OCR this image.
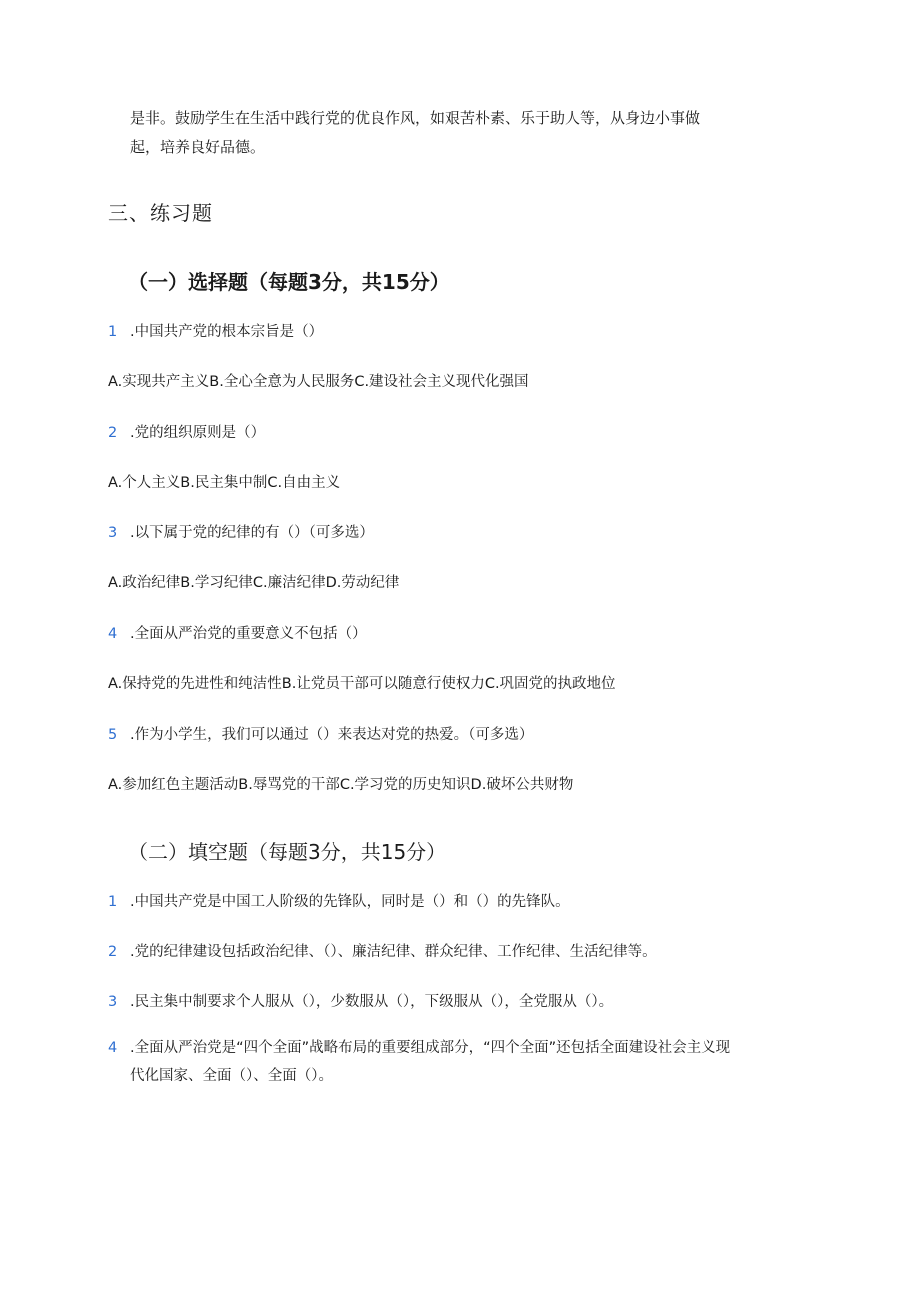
是非。鼓励学生在生活中践行党的优良作风，如艰苦朴素、乐于助人等，从身边小事做
起，培养良好品德。
三、练习题
（一）选择题（每题3分，共15分）
1 .中国共产党的根本宗旨是（）
A.实现共产主义B.全心全意为人民服务C.建设社会主义现代化强国
2 .党的组织原则是（）
A.个人主义B.民主集中制C.自由主义
3 .以下属于党的纪律的有（）（可多选）
A.政治纪律B.学习纪律C.廉洁纪律D.劳动纪律
4 .全面从严治党的重要意义不包括（）
A.保持党的先进性和纯洁性B.让党员干部可以随意行使权力C.巩固党的执政地位
5 .作为小学生，我们可以通过（）来表达对党的热爱。（可多选）
A.参加红色主题活动B.辱骂党的干部C.学习党的历史知识D.破坏公共财物
（二）填空题（每题3分，共15分）
1 .中国共产党是中国工人阶级的先锋队，同时是（）和（）的先锋队。
2 .党的纪律建设包括政治纪律、（）、廉洁纪律、群众纪律、工作纪律、生活纪律等。
3 .民主集中制要求个人服从（），少数服从（），下级服从（），全党服从（）。
4 .全面从严治党是“四个全面”战略布局的重要组成部分，“四个全面”还包括全面建设社会主义现
代化国家、全面（）、全面（）。
